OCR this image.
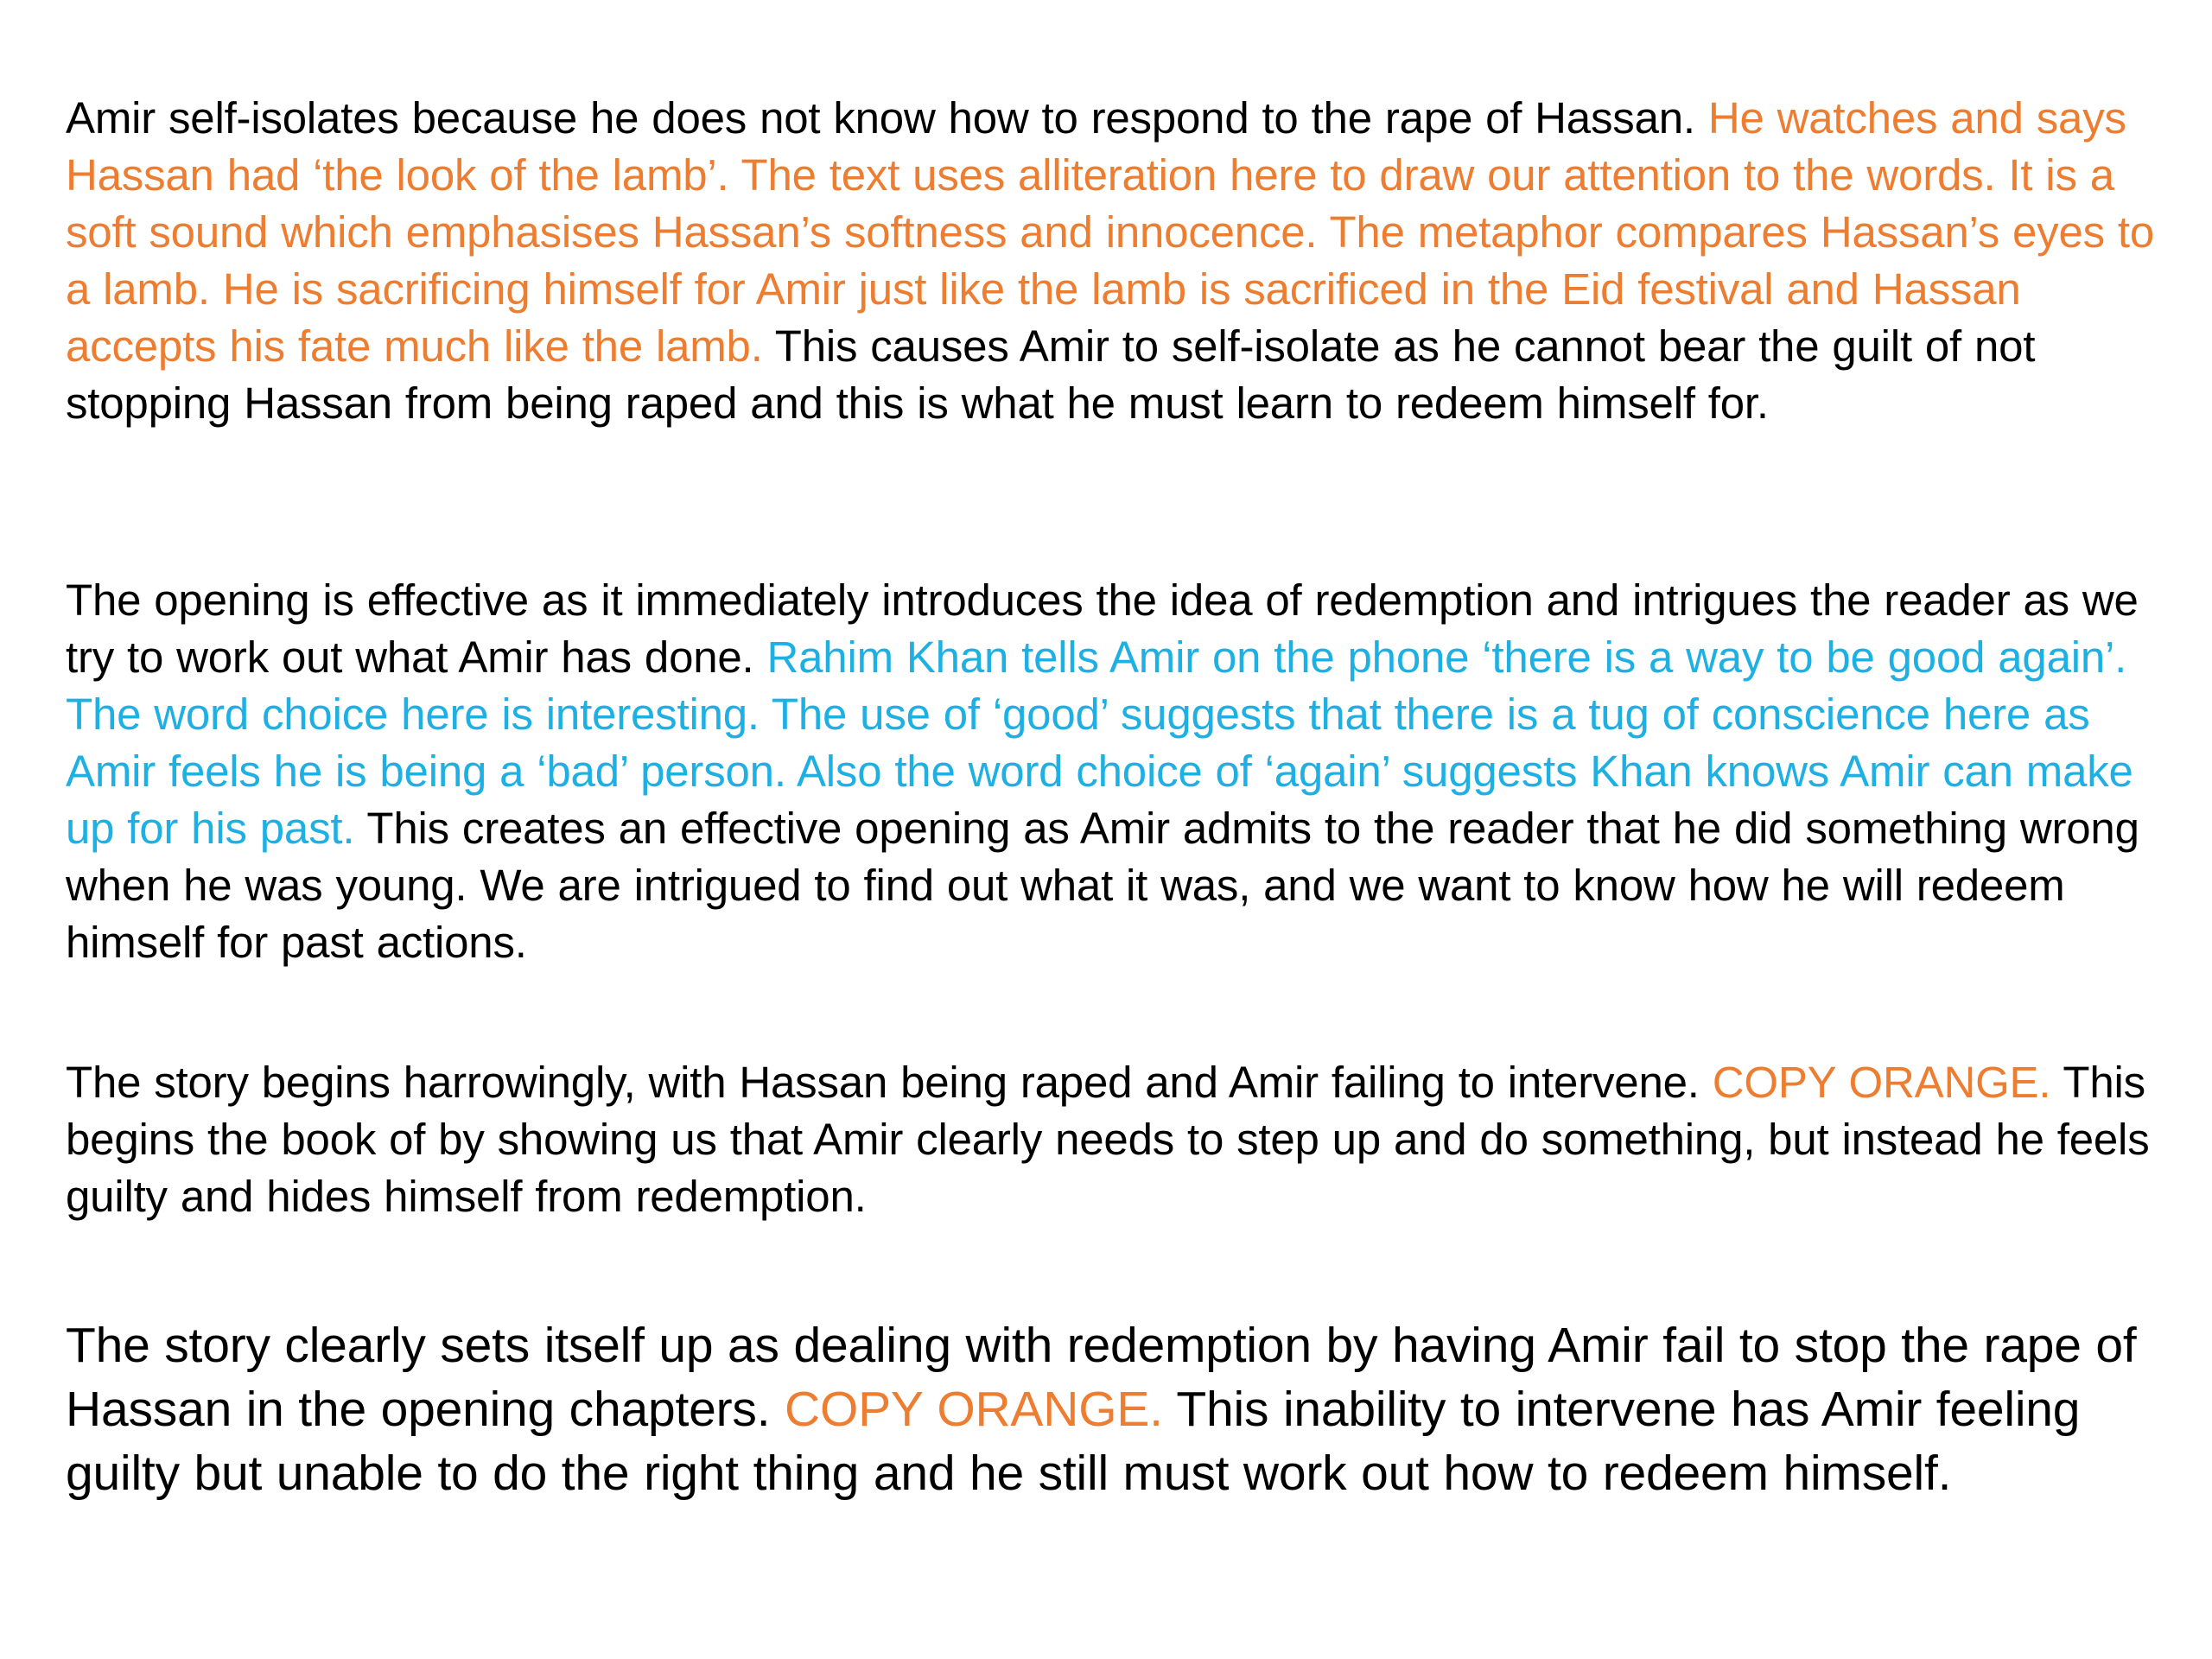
Amir self-isolates because he does not know how to respond to the rape of Hassan. He watches and says Hassan had ‘the look of the lamb’. The text uses alliteration here to draw our attention to the words. It is a soft sound which emphasises Hassan’s softness and innocence. The metaphor compares Hassan’s eyes to a lamb. He is sacrificing himself for Amir just like the lamb is sacrificed in the Eid festival and Hassan accepts his fate much like the lamb. This causes Amir to self-isolate as he cannot bear the guilt of not stopping Hassan from being raped and this is what he must learn to redeem himself for.

The opening is effective as it immediately introduces the idea of redemption and intrigues the reader as we try to work out what Amir has done. Rahim Khan tells Amir on the phone ‘there is a way to be good again’. The word choice here is interesting. The use of ‘good’ suggests that there is a tug of conscience here as Amir feels he is being a ‘bad’ person. Also the word choice of ‘again’ suggests Khan knows Amir can make up for his past. This creates an effective opening as Amir admits to the reader that he did something wrong when he was young. We are intrigued to find out what it was, and we want to know how he will redeem himself for past actions.

The story begins harrowingly, with Hassan being raped and Amir failing to intervene. COPY ORANGE. This begins the book of by showing us that Amir clearly needs to step up and do something, but instead he feels guilty and hides himself from redemption.

The story clearly sets itself up as dealing with redemption by having Amir fail to stop the rape of Hassan in the opening chapters. COPY ORANGE. This inability to intervene has Amir feeling guilty but unable to do the right thing and he still must work out how to redeem himself.
